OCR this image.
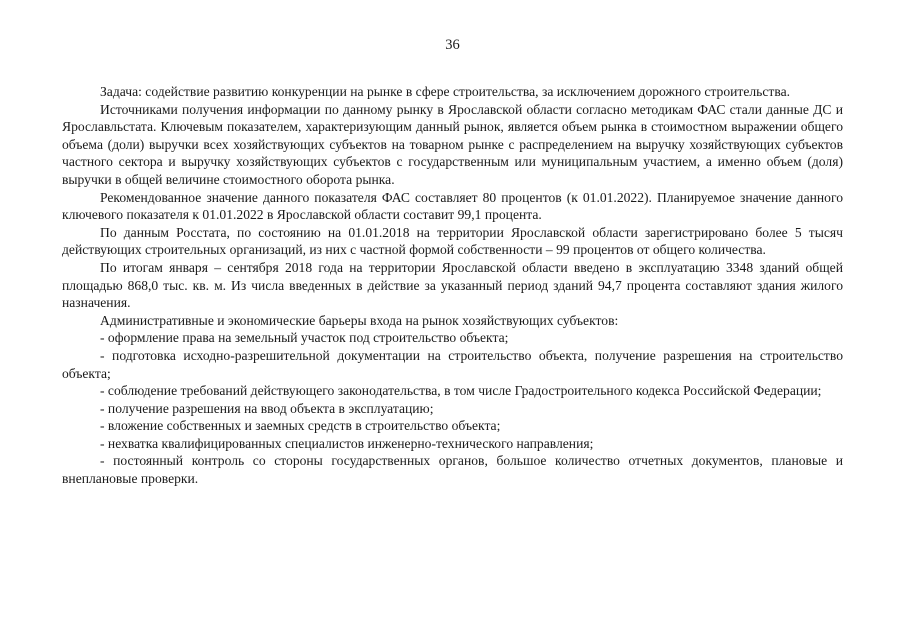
36

Задача: содействие развитию конкуренции на рынке в сфере строительства, за исключением дорожного строительства.

Источниками получения информации по данному рынку в Ярославской области согласно методикам ФАС стали данные ДС и Ярославльстата. Ключевым показателем, характеризующим данный рынок, является объем рынка в стоимостном выражении общего объема (доли) выручки всех хозяйствующих субъектов на товарном рынке с распределением на выручку хозяйствующих субъектов частного сектора и выручку хозяйствующих субъектов с государственным или муниципальным участием, а именно объем (доля) выручки в общей величине стоимостного оборота рынка.

Рекомендованное значение данного показателя ФАС составляет 80 процентов (к 01.01.2022). Планируемое значение данного ключевого показателя к 01.01.2022 в Ярославской области составит 99,1 процента.

По данным Росстата, по состоянию на 01.01.2018 на территории Ярославской области зарегистрировано более 5 тысяч действующих строительных организаций, из них с частной формой собственности – 99 процентов от общего количества.

По итогам января – сентября 2018 года на территории Ярославской области введено в эксплуатацию 3348 зданий общей площадью 868,0 тыс. кв. м. Из числа введенных в действие за указанный период зданий 94,7 процента составляют здания жилого назначения.

Административные и экономические барьеры входа на рынок хозяйствующих субъектов:

- оформление права на земельный участок под строительство объекта;

- подготовка исходно-разрешительной документации на строительство объекта, получение разрешения на строительство объекта;

- соблюдение требований действующего законодательства, в том числе Градостроительного кодекса Российской Федерации;

- получение разрешения на ввод объекта в эксплуатацию;

- вложение собственных и заемных средств в строительство объекта;

- нехватка квалифицированных специалистов инженерно-технического направления;

- постоянный контроль со стороны государственных органов, большое количество отчетных документов, плановые и внеплановые проверки.
